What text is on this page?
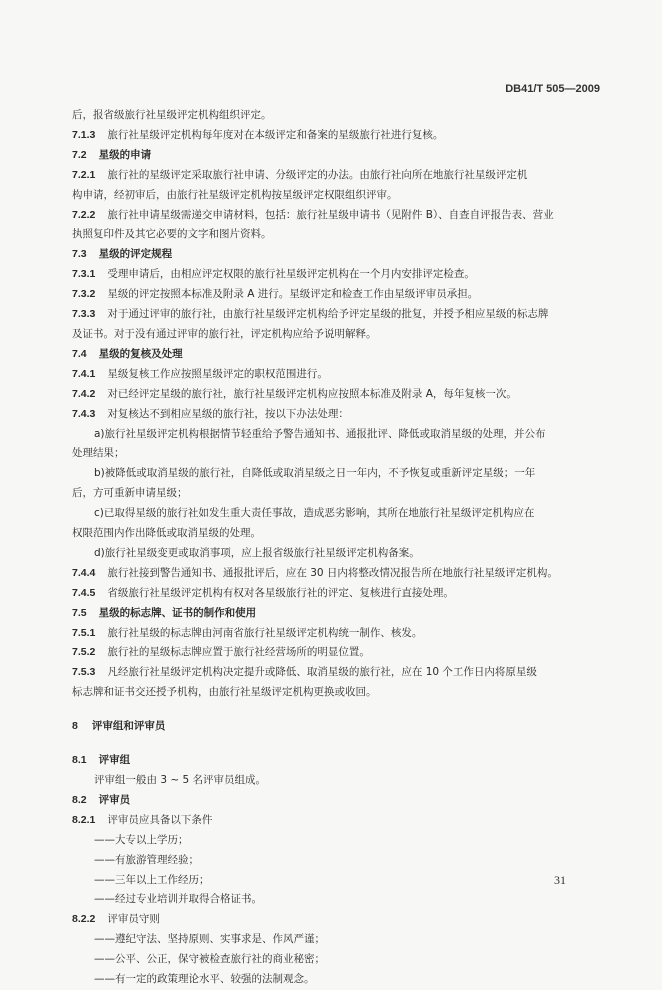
DB41/T 505—2009
后，报省级旅行社星级评定机构组织评定。
7.1.3 旅行社星级评定机构每年度对在本级评定和备案的星级旅行社进行复核。
7.2 星级的申请
7.2.1 旅行社的星级评定采取旅行社申请、分级评定的办法。由旅行社向所在地旅行社星级评定机
构申请，经初审后，由旅行社星级评定机构按星级评定权限组织评审。
7.2.2 旅行社申请星级需递交申请材料，包括：旅行社星级申请书（见附件 B）、自查自评报告表、营业
执照复印件及其它必要的文字和图片资料。
7.3 星级的评定规程
7.3.1 受理申请后，由相应评定权限的旅行社星级评定机构在一个月内安排评定检查。
7.3.2 星级的评定按照本标准及附录 A 进行。星级评定和检查工作由星级评审员承担。
7.3.3 对于通过评审的旅行社，由旅行社星级评定机构给予评定星级的批复，并授予相应星级的标志牌
及证书。对于没有通过评审的旅行社，评定机构应给予说明解释。
7.4 星级的复核及处理
7.4.1 星级复核工作应按照星级评定的职权范围进行。
7.4.2 对已经评定星级的旅行社，旅行社星级评定机构应按照本标准及附录 A，每年复核一次。
7.4.3 对复核达不到相应星级的旅行社，按以下办法处理：
a)旅行社星级评定机构根据情节轻重给予警告通知书、通报批评、降低或取消星级的处理，并公布
处理结果；
b)被降低或取消星级的旅行社，自降低或取消星级之日一年内，不予恢复或重新评定星级；一年
后，方可重新申请星级；
c)已取得星级的旅行社如发生重大责任事故，造成恶劣影响，其所在地旅行社星级评定机构应在
权限范围内作出降低或取消星级的处理。
d)旅行社星级变更或取消事项，应上报省级旅行社星级评定机构备案。
7.4.4 旅行社接到警告通知书、通报批评后，应在 30 日内将整改情况报告所在地旅行社星级评定机构。
7.4.5 省级旅行社星级评定机构有权对各星级旅行社的评定、复核进行直接处理。
7.5 星级的标志牌、证书的制作和使用
7.5.1 旅行社星级的标志牌由河南省旅行社星级评定机构统一制作、核发。
7.5.2 旅行社的星级标志牌应置于旅行社经营场所的明显位置。
7.5.3 凡经旅行社星级评定机构决定提升或降低、取消星级的旅行社，应在 10 个工作日内将原星级
标志牌和证书交还授予机构，由旅行社星级评定机构更换或收回。
8 评审组和评审员
8.1 评审组
评审组一般由 3 ~ 5 名评审员组成。
8.2 评审员
8.2.1 评审员应具备以下条件
——大专以上学历；
——有旅游管理经验；
——三年以上工作经历；
——经过专业培训并取得合格证书。
8.2.2 评审员守则
——遵纪守法、坚持原则、实事求是、作风严谨；
——公平、公正，保守被检查旅行社的商业秘密；
——有一定的政策理论水平、较强的法制观念。
31
